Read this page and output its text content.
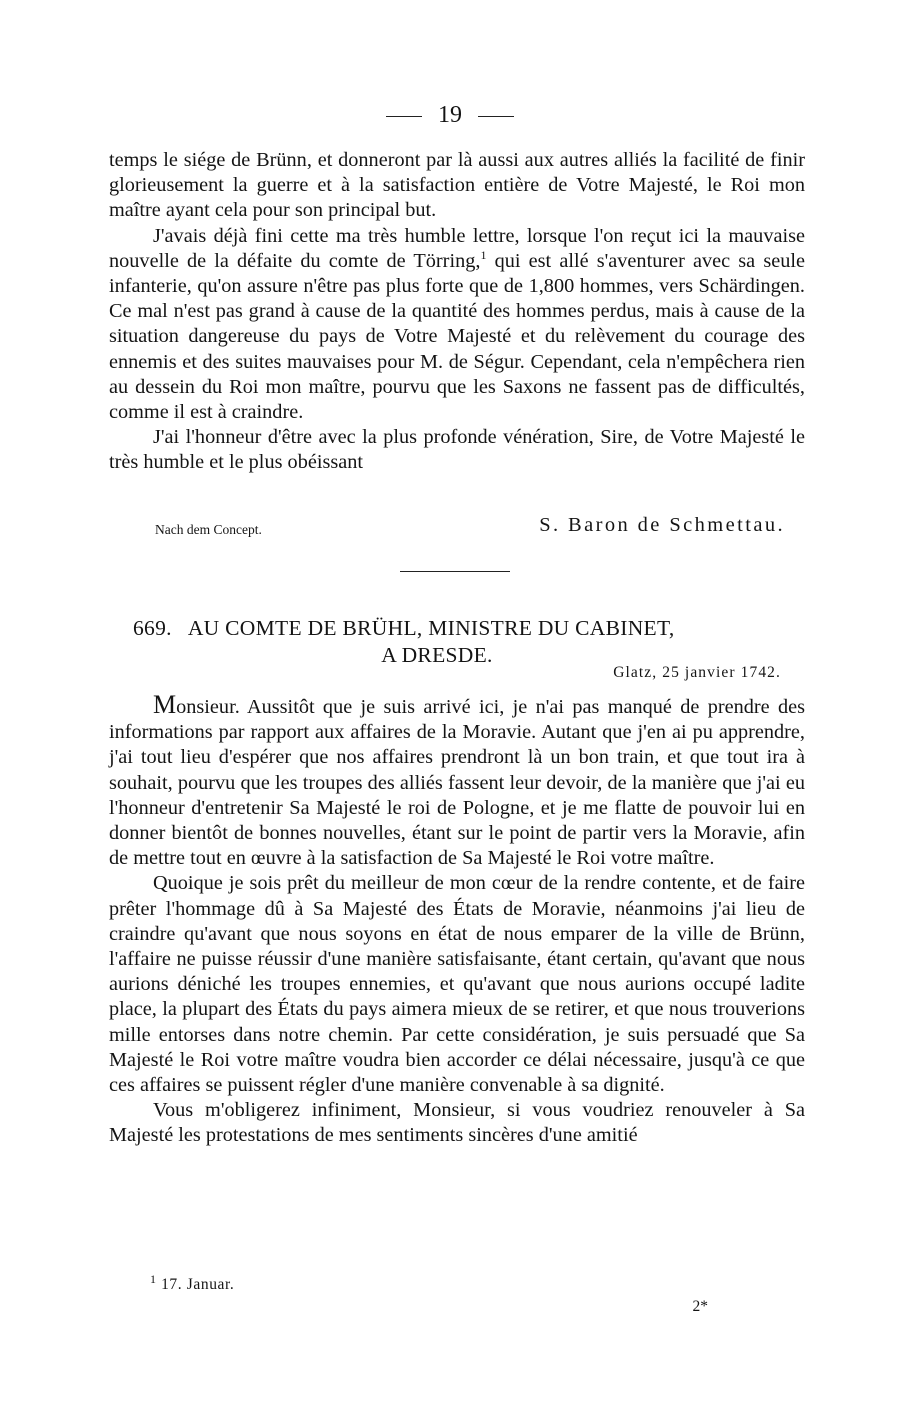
19

temps le siége de Brünn, et donneront par là aussi aux autres alliés la facilité de finir glorieusement la guerre et à la satisfaction entière de Votre Majesté, le Roi mon maître ayant cela pour son principal but.

J'avais déjà fini cette ma très humble lettre, lorsque l'on reçut ici la mauvaise nouvelle de la défaite du comte de Törring,$^1$ qui est allé s'aventurer avec sa seule infanterie, qu'on assure n'être pas plus forte que de 1,800 hommes, vers Schärdingen. Ce mal n'est pas grand à cause de la quantité des hommes perdus, mais à cause de la situation dangereuse du pays de Votre Majesté et du relèvement du courage des ennemis et des suites mauvaises pour M. de Ségur. Cependant, cela n'empêchera rien au dessein du Roi mon maître, pourvu que les Saxons ne fassent pas de difficultés, comme il est à craindre.

J'ai l'honneur d'être avec la plus profonde vénération, Sire, de Votre Majesté le très humble et le plus obéissant

Nach dem Concept.	S. Baron de Schmettau.
669. AU COMTE DE BRÜHL, MINISTRE DU CABINET,
A DRESDE.
Glatz, 25 janvier 1742.

Monsieur. Aussitôt que je suis arrivé ici, je n'ai pas manqué de prendre des informations par rapport aux affaires de la Moravie. Autant que j'en ai pu apprendre, j'ai tout lieu d'espérer que nos affaires prendront là un bon train, et que tout ira à souhait, pourvu que les troupes des alliés fassent leur devoir, de la manière que j'ai eu l'honneur d'entretenir Sa Majesté le roi de Pologne, et je me flatte de pouvoir lui en donner bientôt de bonnes nouvelles, étant sur le point de partir vers la Moravie, afin de mettre tout en œuvre à la satisfaction de Sa Majesté le Roi votre maître.

Quoique je sois prêt du meilleur de mon cœur de la rendre contente, et de faire prêter l'hommage dû à Sa Majesté des États de Moravie, néanmoins j'ai lieu de craindre qu'avant que nous soyons en état de nous emparer de la ville de Brünn, l'affaire ne puisse réussir d'une manière satisfaisante, étant certain, qu'avant que nous aurions déniché les troupes ennemies, et qu'avant que nous aurions occupé ladite place, la plupart des États du pays aimera mieux de se retirer, et que nous trouverions mille entorses dans notre chemin. Par cette considération, je suis persuadé que Sa Majesté le Roi votre maître voudra bien accorder ce délai nécessaire, jusqu'à ce que ces affaires se puissent régler d'une manière convenable à sa dignité.

Vous m'obligerez infiniment, Monsieur, si vous voudriez renouveler à Sa Majesté les protestations de mes sentiments sincères d'une amitié

$^1$ 17. Januar.
2*
